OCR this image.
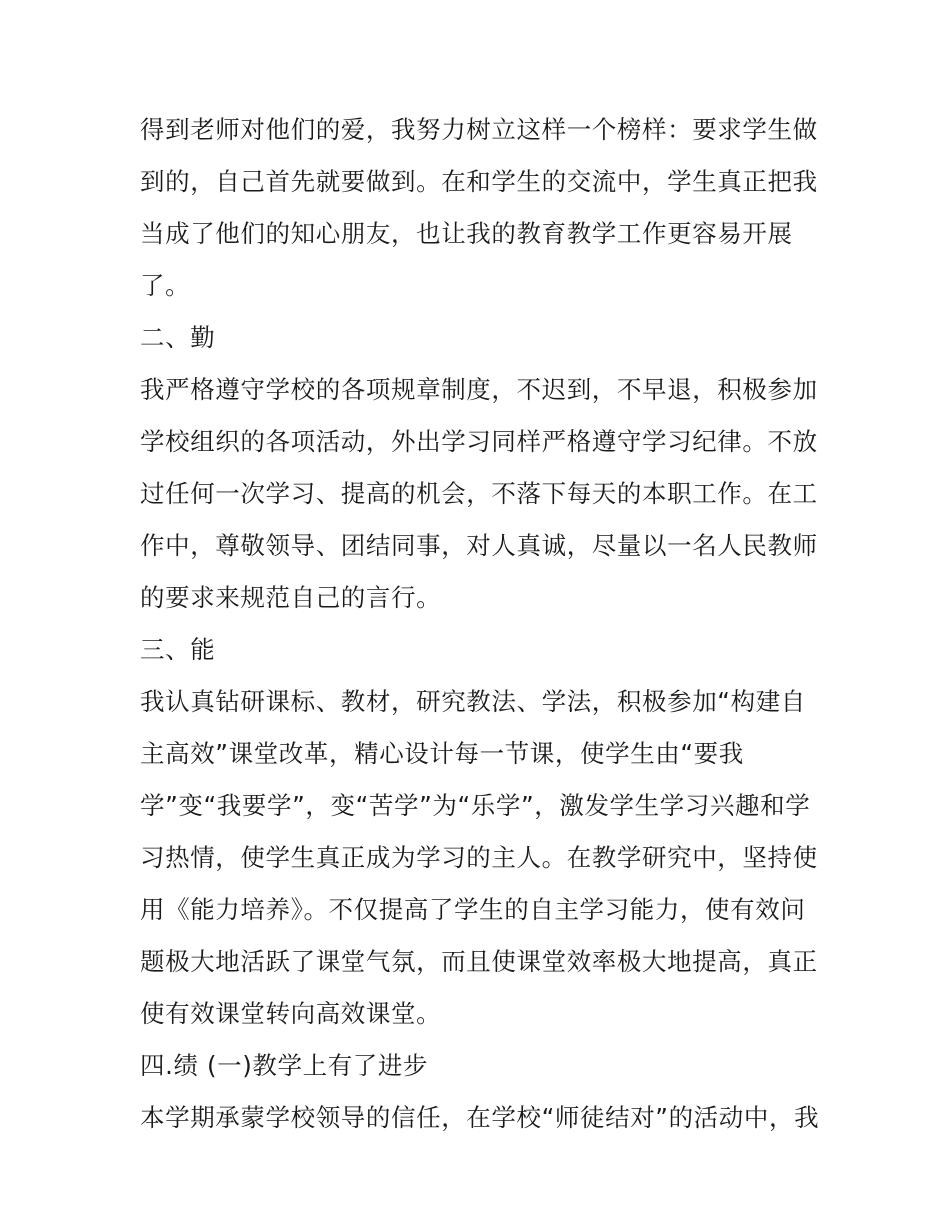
得到老师对他们的爱，我努力树立这样一个榜样：要求学生做
到的，自己首先就要做到。在和学生的交流中，学生真正把我
当成了他们的知心朋友，也让我的教育教学工作更容易开展
了。
二、勤
我严格遵守学校的各项规章制度，不迟到，不早退，积极参加
学校组织的各项活动，外出学习同样严格遵守学习纪律。不放
过任何一次学习、提高的机会，不落下每天的本职工作。在工
作中，尊敬领导、团结同事，对人真诚，尽量以一名人民教师
的要求来规范自己的言行。
三、能
我认真钻研课标、教材，研究教法、学法，积极参加“构建自
主高效”课堂改革，精心设计每一节课，使学生由“要我
学”变“我要学”，变“苦学”为“乐学”，激发学生学习兴趣和学
习热情，使学生真正成为学习的主人。在教学研究中，坚持使
用《能力培养》。不仅提高了学生的自主学习能力，使有效问
题极大地活跃了课堂气氛，而且使课堂效率极大地提高，真正
使有效课堂转向高效课堂。
四.绩 (一)教学上有了进步
本学期承蒙学校领导的信任，在学校“师徒结对”的活动中，我
